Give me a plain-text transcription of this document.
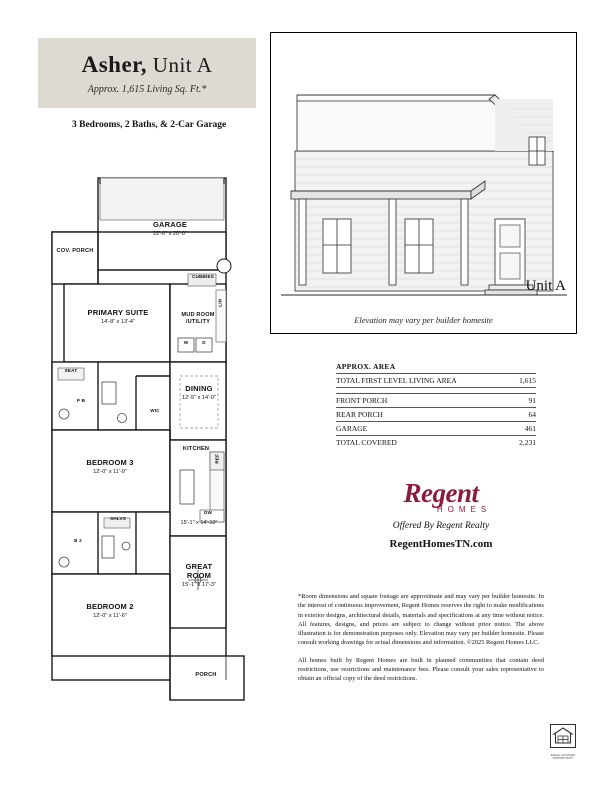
Asher, Unit A
Approx. 1,615 Living Sq. Ft.*
3 Bedrooms, 2 Baths, & 2-Car Garage
Unit A
Elevation may vary per builder homesite
APPROX. AREA
TOTAL FIRST LEVEL LIVING AREA	1,615
FRONT PORCH	91
REAR PORCH	64
GARAGE	461
TOTAL COVERED	2,231
Regent
HOMES
Offered By Regent Realty
RegentHomesTN.com

*Room dimensions and square footage are approximate and may vary per builder homesite. In the interest of continuous improvement, Regent Homes reserves the right to make modifications in exterior designs, architectural details, materials and specifications at any time without notice. All features, designs, and prices are subject to change without prior notice. The above illustration is for demonstration purposes only. Elevation may vary per builder homesite. Please consult working drawings for actual dimensions and information. ©2025 Regent Homes LLC.

All homes built by Regent Homes are built in planned communities that contain deed restrictions, use restrictions and maintenance fees. Please consult your sales representative to obtain an official copy of the deed restrictions.

EQUAL HOUSING OPPORTUNITY
GARAGE
22'-0" x 20'-0"
COV. PORCH
PRIMARY SUITE
14'-8" x 13'-4"
MUD ROOM /UTILITY
DINING
12'-5" x 14'-0"
WIC
P B
BEDROOM 3
12'-0" x 11'-9"
KITCHEN
15'-1" x 14'-10"
B 2
GREAT ROOM
15'-1" x 17'-3"
BEDROOM 2
12'-0" x 11'-6"
PORCH
CUBBIES
SHLVS
W	D
DW
REF
LIN
SEAT
